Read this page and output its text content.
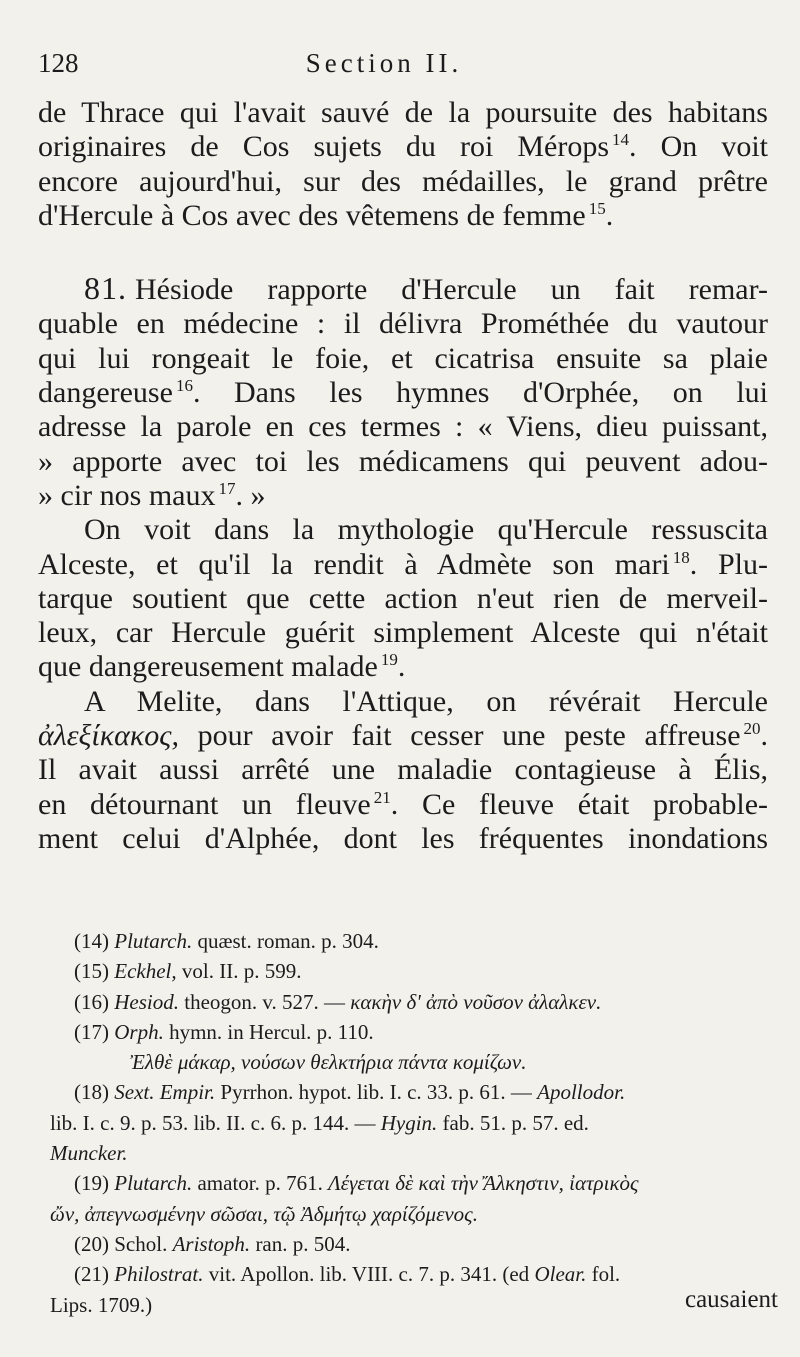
128	Section II.
de Thrace qui l'avait sauvé de la poursuite des habitans
originaires de Cos sujets du roi Mérops $^{14}$. On voit
encore aujourd'hui, sur des médailles, le grand prêtre
d'Hercule à Cos avec des vêtemens de femme $^{15}$.
81. Hésiode rapporte d'Hercule un fait remar-
quable en médecine : il délivra Prométhée du vautour
qui lui rongeait le foie, et cicatrisa ensuite sa plaie
dangereuse $^{16}$. Dans les hymnes d'Orphée, on lui
adresse la parole en ces termes : « Viens, dieu puissant,
» apporte avec toi les médicamens qui peuvent adou-
» cir nos maux $^{17}$. »
On voit dans la mythologie qu'Hercule ressuscita
Alceste, et qu'il la rendit à Admète son mari $^{18}$. Plu-
tarque soutient que cette action n'eut rien de merveil-
leux, car Hercule guérit simplement Alceste qui n'était
que dangereusement malade $^{19}$.
A Melite, dans l'Attique, on révérait Hercule
ἀλεξίκακος, pour avoir fait cesser une peste affreuse $^{20}$.
Il avait aussi arrêté une maladie contagieuse à Élis,
en détournant un fleuve $^{21}$. Ce fleuve était probable-
ment celui d'Alphée, dont les fréquentes inondations
(14) Plutarch. quæst. roman. p. 304.
(15) Eckhel, vol. II. p. 599.
(16) Hesiod. theogon. v. 527. — κακὴν δ' ἀπὸ νοῦσον ἀλαλκεν.
(17) Orph. hymn. in Hercul. p. 110.
Ἐλθὲ μάκαρ, νούσων θελκτήρια πάντα κομίζων.
(18) Sext. Empir. Pyrrhon. hypot. lib. I. c. 33. p. 61. — Apollodor.
lib. I. c. 9. p. 53. lib. II. c. 6. p. 144. — Hygin. fab. 51. p. 57. ed.
Muncker.
(19) Plutarch. amator. p. 761. Λέγεται δὲ καὶ τὴν Ἄλκηστιν, ἰατρικὸς
ὤν, ἀπεγνωσμένην σῶσαι, τῷ Ἀδμήτῳ χαρίζόμενος.
(20) Schol. Aristoph. ran. p. 504.
(21) Philostrat. vit. Apollon. lib. VIII. c. 7. p. 341. (ed Olear. fol.
Lips. 1709.)	causaient
